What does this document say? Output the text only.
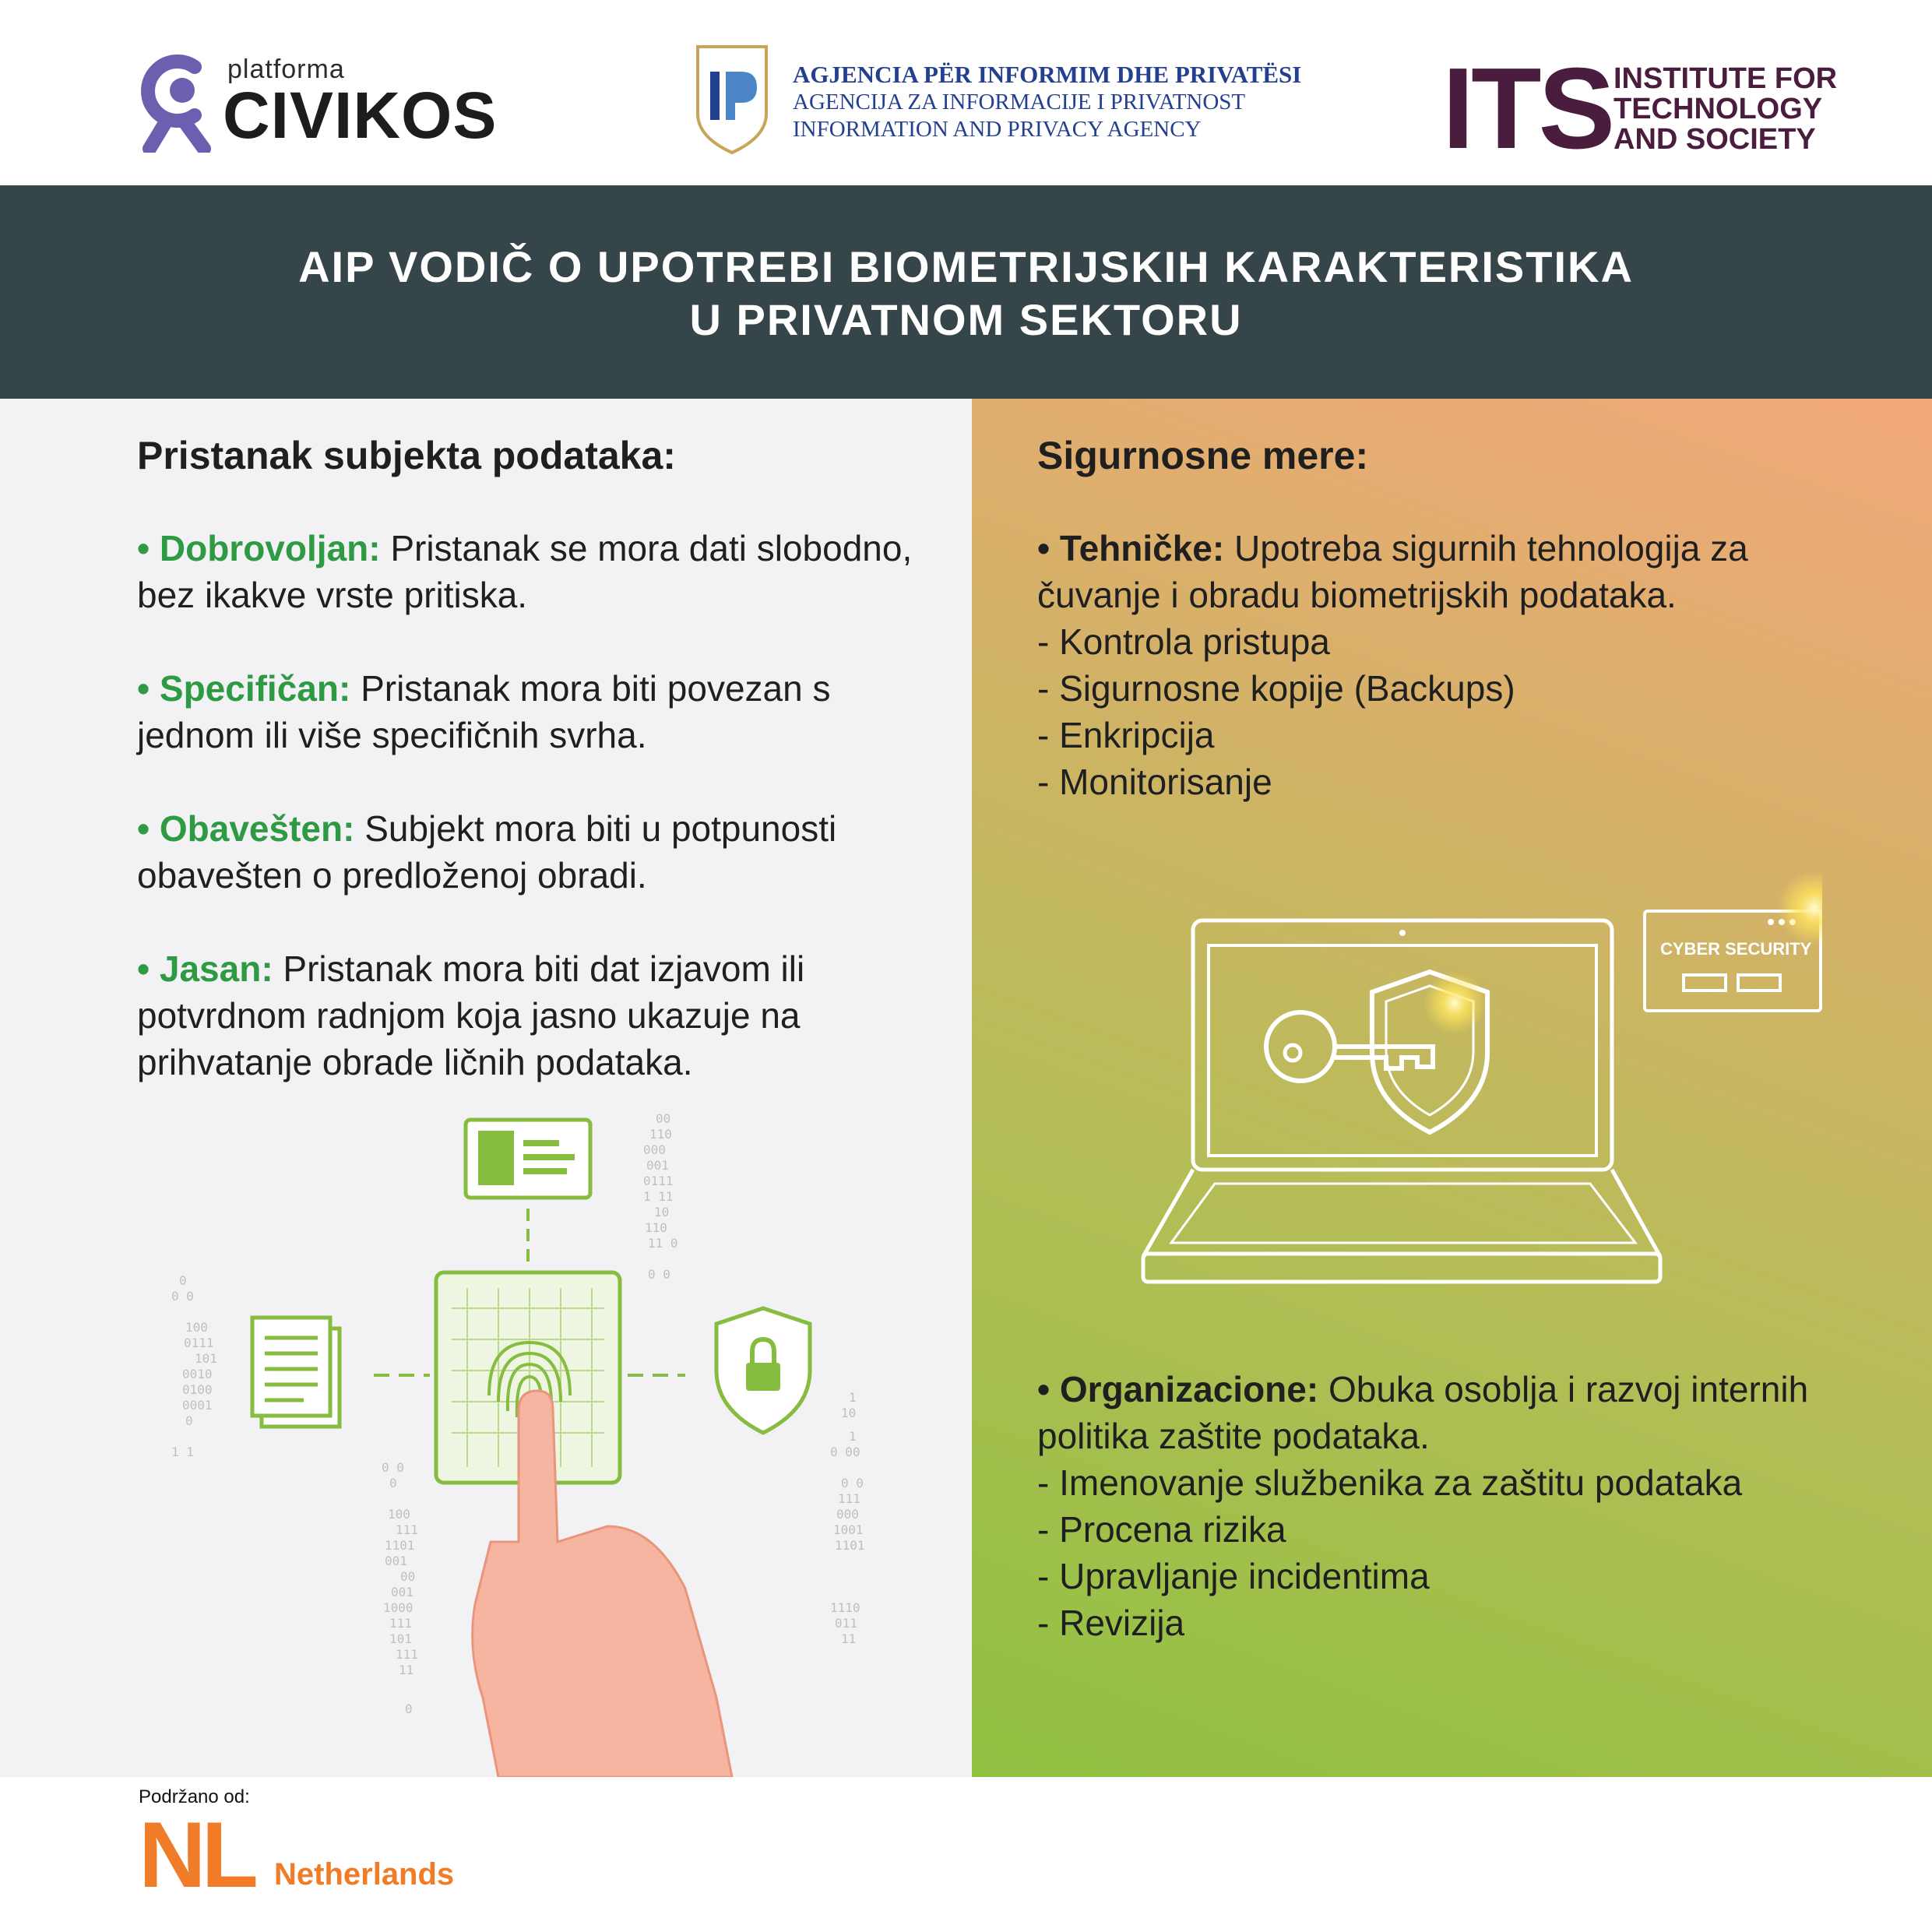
platforma
CIVIKOS
AGJENCIA PËR INFORMIM DHE PRIVATËSI
AGENCIJA ZA INFORMACIJE I PRIVATNOST
INFORMATION AND PRIVACY AGENCY ITS INSTITUTE FOR
TECHNOLOGY
AND SOCIETY
AIP VODIČ O UPOTREBI BIOMETRIJSKIH KARAKTERISTIKA
U PRIVATNOM SEKTORU
Pristanak subjekta podataka:
• Dobrovoljan: Pristanak se mora dati slobodno, bez ikakve vrste pritiska.
• Specifičan: Pristanak mora biti povezan s jednom ili više specifičnih svrha.
• Obavešten: Subjekt mora biti u potpunosti obavešten o predloženoj obradi.
• Jasan: Pristanak mora biti dat izjavom ili potvrdnom radnjom koja jasno ukazuje na prihvatanje obrade ličnih podataka.
0
0 0
100
0111
101
0010
0100
0001
0
1 1
00
110
000
001
0111
1 11
10
110
11 0
0 0
1
10
1
0 00
0 0
111
000
1001
1101
1110
011
11
0 0
0
100
111
1101
001
00
001
1000
111
101
111
11
0
Sigurnosne mere:
• Tehničke: Upotreba sigurnih tehnologija za čuvanje i obradu biometrijskih podataka.
- Kontrola pristupa
- Sigurnosne kopije (Backups)
- Enkripcija
- Monitorisanje
CYBER SECURITY
• Organizacione: Obuka osoblja i razvoj internih politika zaštite podataka.
- Imenovanje službenika za zaštitu podataka
- Procena rizika
- Upravljanje incidentima
- Revizija
Podržano od:
NL Netherlands
